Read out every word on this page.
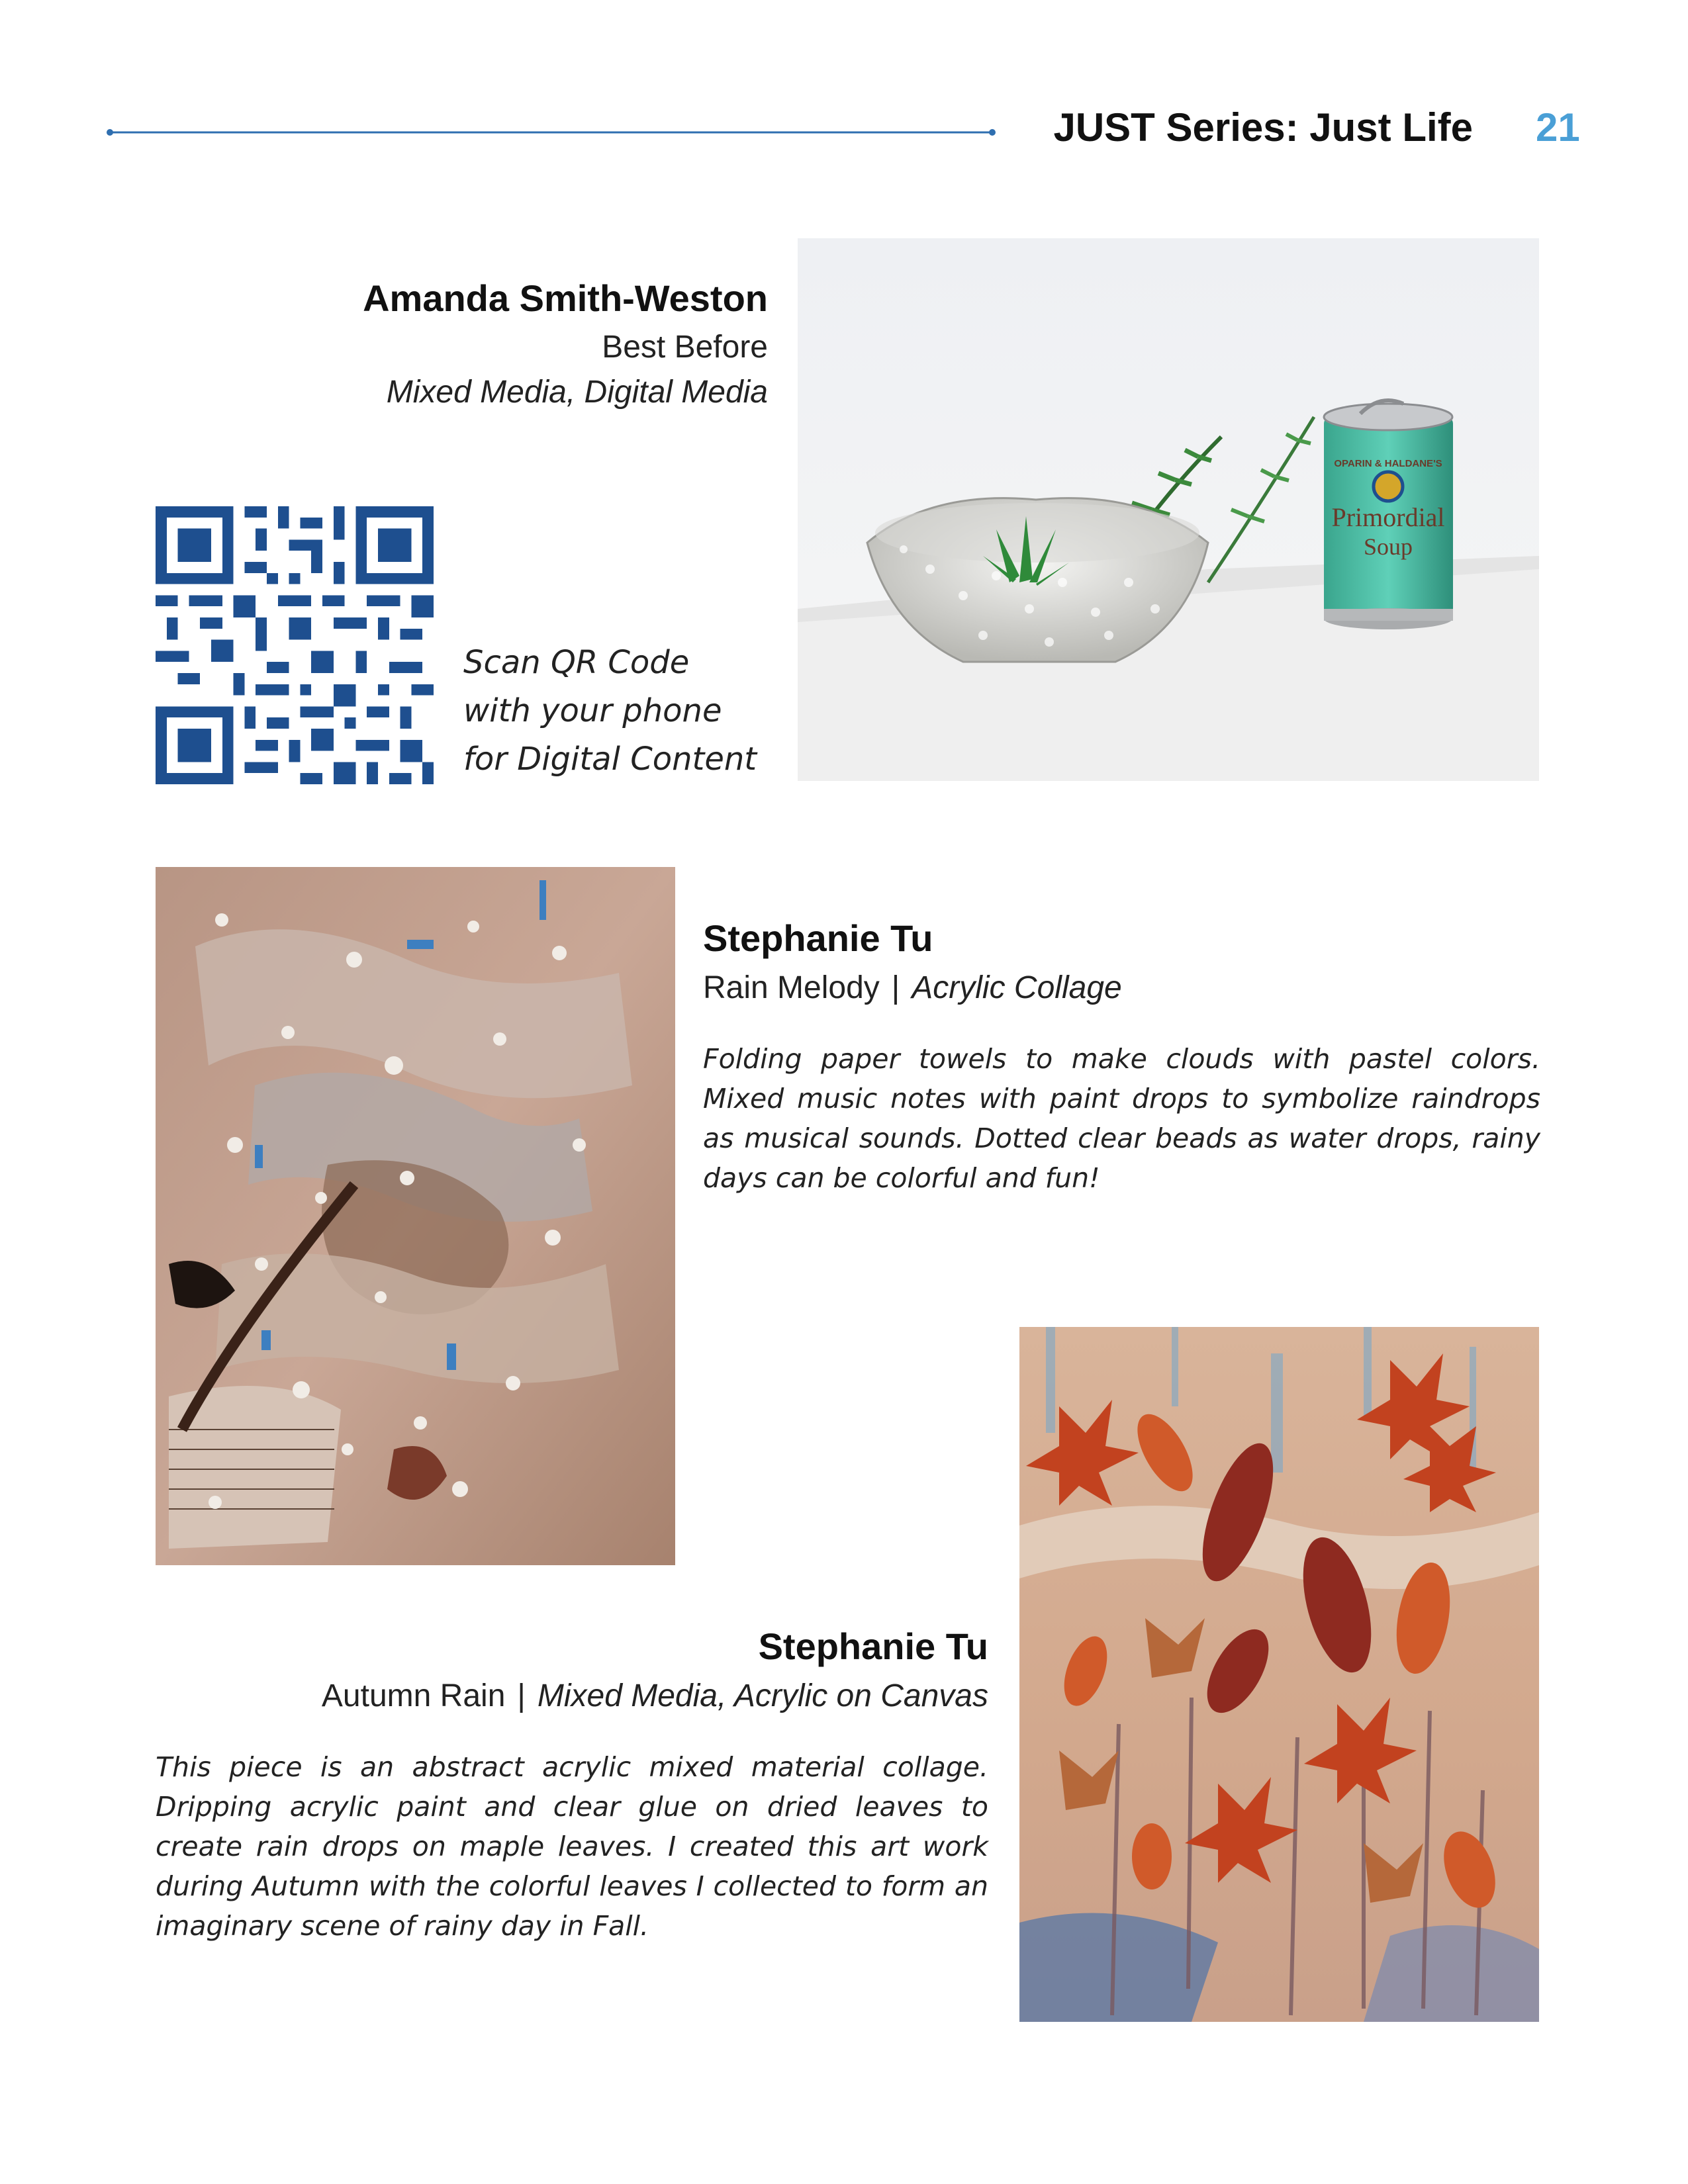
JUST Series: Just Life 21
Amanda Smith-Weston
Best Before
Mixed Media, Digital Media
Scan QR Code
with your phone
for Digital Content
OPARIN & HALDANE'S
Primordial
Soup
Stephanie Tu
Rain Melody | Acrylic Collage
Folding paper towels to make clouds with pastel colors. Mixed music notes with paint drops to symbolize raindrops as musical sounds. Dotted clear beads as water drops, rainy days can be colorful and fun!
Stephanie Tu
Autumn Rain | Mixed Media, Acrylic on Canvas
This piece is an abstract acrylic mixed material collage. Dripping acrylic paint and clear glue on dried leaves to create rain drops on maple leaves. I created this art work during Autumn with the colorful leaves I collected to form an imaginary scene of rainy day in Fall.
